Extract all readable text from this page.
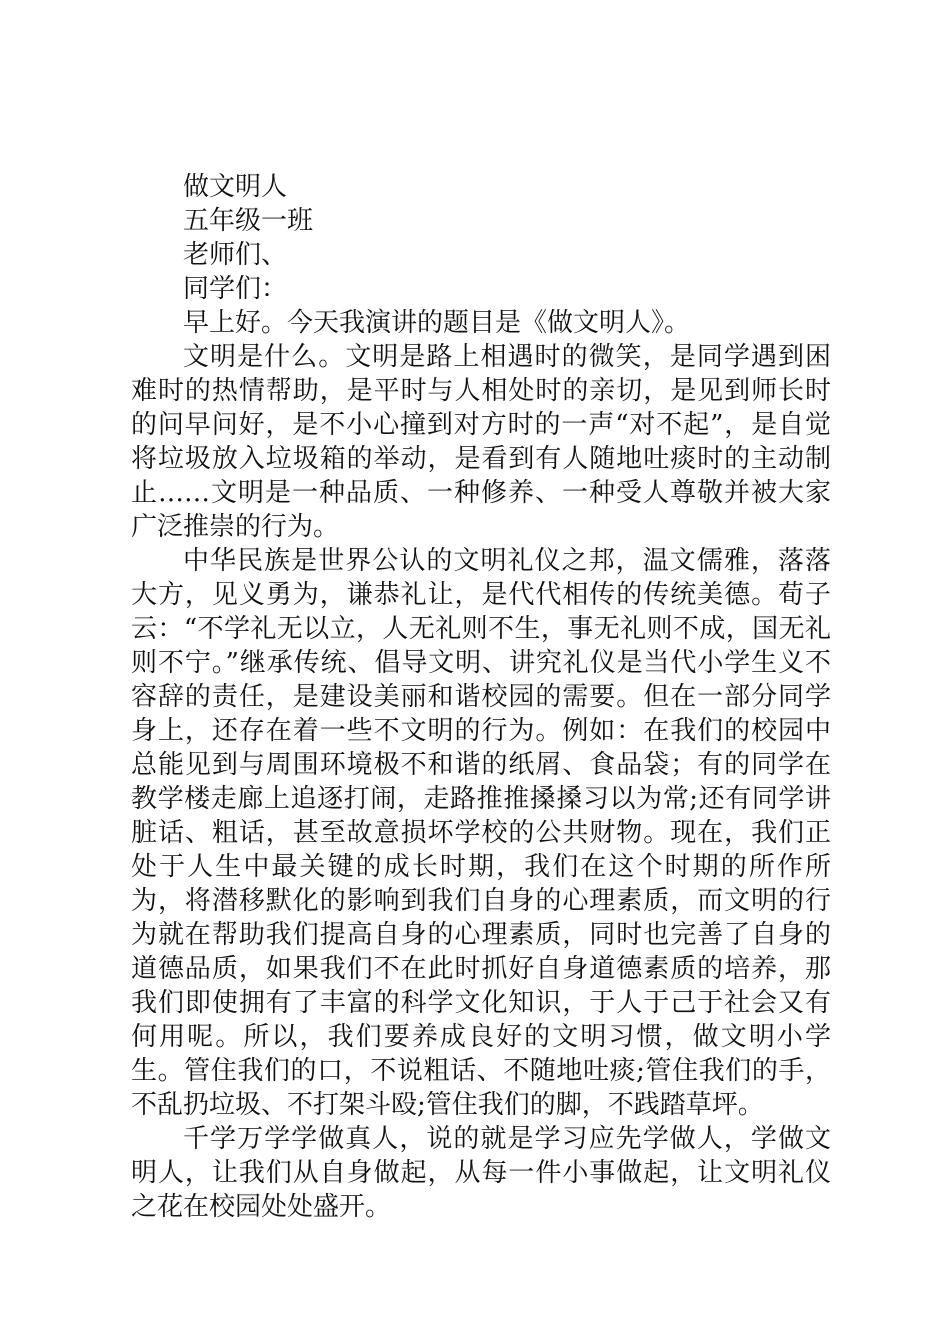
做文明人

五年级一班

老师们、

同学们：

早上好。今天我演讲的题目是《做文明人》。

文明是什么。文明是路上相遇时的微笑，是同学遇到困难时的热情帮助，是平时与人相处时的亲切，是见到师长时的问早问好，是不小心撞到对方时的一声“对不起”，是自觉将垃圾放入垃圾箱的举动，是看到有人随地吐痰时的主动制止……文明是一种品质、一种修养、一种受人尊敬并被大家广泛推崇的行为。

中华民族是世界公认的文明礼仪之邦，温文儒雅，落落大方，见义勇为，谦恭礼让，是代代相传的传统美德。荀子云：“不学礼无以立，人无礼则不生，事无礼则不成，国无礼则不宁。”继承传统、倡导文明、讲究礼仪是当代小学生义不容辞的责任，是建设美丽和谐校园的需要。但在一部分同学身上，还存在着一些不文明的行为。例如：在我们的校园中总能见到与周围环境极不和谐的纸屑、食品袋；有的同学在教学楼走廊上追逐打闹，走路推推搡搡习以为常;还有同学讲脏话、粗话，甚至故意损坏学校的公共财物。现在，我们正处于人生中最关键的成长时期，我们在这个时期的所作所为，将潜移默化的影响到我们自身的心理素质，而文明的行为就在帮助我们提高自身的心理素质，同时也完善了自身的道德品质，如果我们不在此时抓好自身道德素质的培养，那我们即使拥有了丰富的科学文化知识，于人于己于社会又有何用呢。所以，我们要养成良好的文明习惯，做文明小学生。管住我们的口，不说粗话、不随地吐痰;管住我们的手，不乱扔垃圾、不打架斗殴;管住我们的脚，不践踏草坪。

千学万学学做真人，说的就是学习应先学做人，学做文明人，让我们从自身做起，从每一件小事做起，让文明礼仪之花在校园处处盛开。
